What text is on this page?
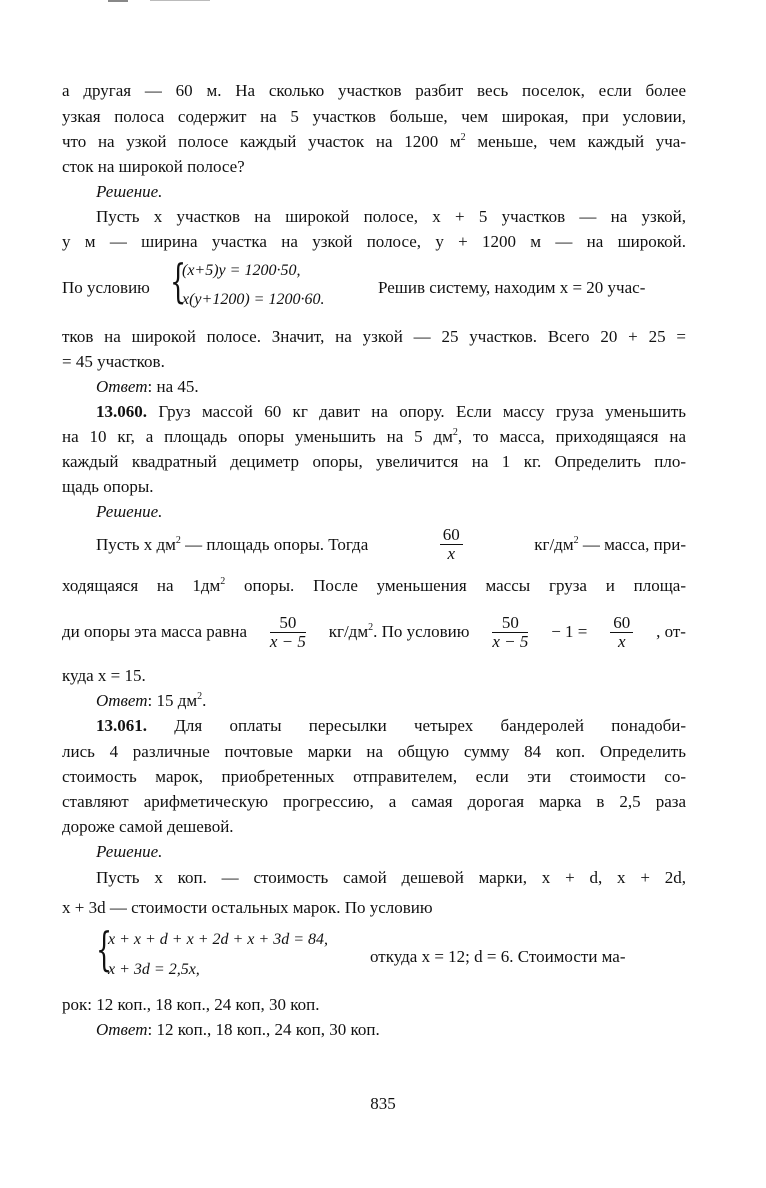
а другая — 60 м. На сколько участков разбит весь поселок, если более
узкая полоса содержит на 5 участков больше, чем широкая, при условии,
что на узкой полосе каждый участок на 1200 $м^2$ меньше, чем каждый уча-
сток на широкой полосе?
Решение.
Пусть x участков на широкой полосе, x + 5 участков — на узкой,
y м — ширина участка на узкой полосе, y + 1200 м — на широкой.
По условию {
(x+5)y = 1200·50,
x(y+1200) = 1200·60.
Решив систему, находим x = 20 учас-
тков на широкой полосе. Значит, на узкой — 25 участков. Всего 20 + 25 =
= 45 участков.
Ответ: на 45.
13.060. Груз массой 60 кг давит на опору. Если массу груза уменьшить
на 10 кг, а площадь опоры уменьшить на 5 $дм^2$, то масса, приходящаяся на
каждый квадратный дециметр опоры, увеличится на 1 кг. Определить пло-
щадь опоры.
Решение.
Пусть x $дм^2$ — площадь опоры. Тогда	$\frac{60}{x}$	$кг/дм^2$ — масса, при-
ходящаяся на $1дм^2$ опоры. После уменьшения массы груза и площа-
ди опоры эта масса равна $\frac{50}{x - 5} кг/дм^2$. По условию $\frac{50}{x - 5} - 1 = \frac{60}{x}$ , от-
куда x = 15.
Ответ: 15 $дм^2$.
13.061. Для оплаты пересылки четырех бандеролей понадоби-
лись 4 различные почтовые марки на общую сумму 84 коп. Определить
стоимость марок, приобретенных отправителем, если эти стоимости со-
ставляют арифметическую прогрессию, а самая дорогая марка в 2,5 раза
дороже самой дешевой.
Решение.
Пусть x коп. — стоимость самой дешевой марки, x + d, x + 2d,
x + 3d — стоимости остальных марок. По условию
{
x + x + d + x + 2d + x + 3d = 84,
x + 3d = 2,5x,
откуда x = 12; d = 6. Стоимости ма-
рок: 12 коп., 18 коп., 24 коп, 30 коп.
Ответ: 12 коп., 18 коп., 24 коп, 30 коп.
835
